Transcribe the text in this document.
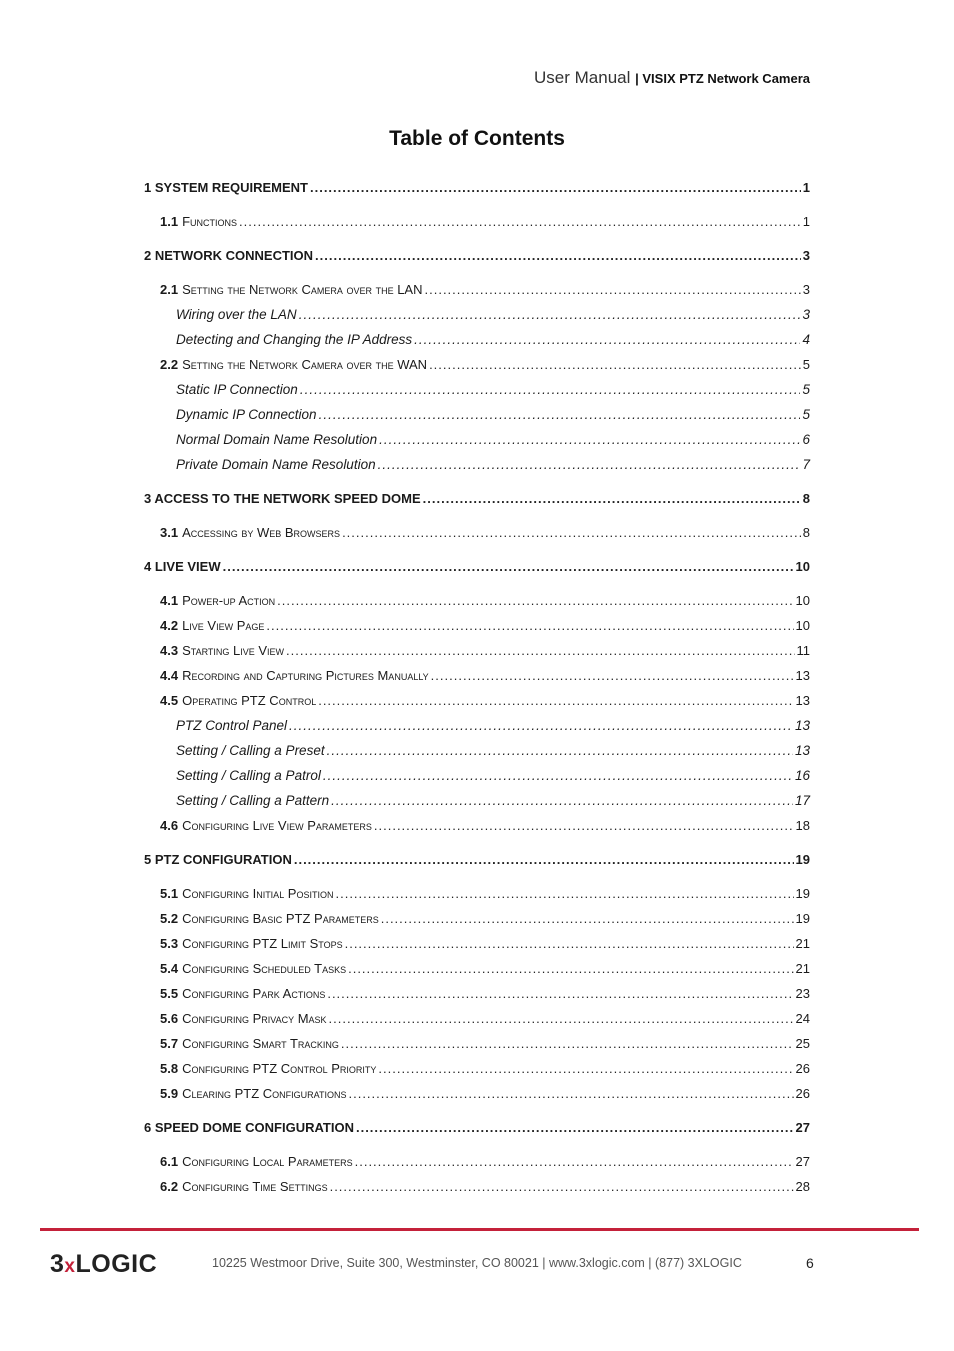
User Manual | VISIX PTZ Network Camera
Table of Contents
1 SYSTEM REQUIREMENT .....	1
1.1 Functions .....	1
2 NETWORK CONNECTION .....	3
2.1 Setting the Network Camera over the LAN .....	3
Wiring over the LAN .....	3
Detecting and Changing the IP Address .....	4
2.2 Setting the Network Camera over the WAN .....	5
Static IP Connection .....	5
Dynamic IP Connection .....	5
Normal Domain Name Resolution .....	6
Private Domain Name Resolution .....	7
3 ACCESS TO THE NETWORK SPEED DOME .....	8
3.1 Accessing by Web Browsers .....	8
4 LIVE VIEW .....	10
4.1 Power-up Action .....	10
4.2 Live View Page .....	10
4.3 Starting Live View .....	11
4.4 Recording and Capturing Pictures Manually .....	13
4.5 Operating PTZ Control .....	13
PTZ Control Panel .....	13
Setting / Calling a Preset .....	13
Setting / Calling a Patrol .....	16
Setting / Calling a Pattern .....	17
4.6 Configuring Live View Parameters .....	18
5 PTZ CONFIGURATION .....	19
5.1 Configuring Initial Position .....	19
5.2 Configuring Basic PTZ Parameters .....	19
5.3 Configuring PTZ Limit Stops .....	21
5.4 Configuring Scheduled Tasks .....	21
5.5 Configuring Park Actions .....	23
5.6 Configuring Privacy Mask .....	24
5.7 Configuring Smart Tracking .....	25
5.8 Configuring PTZ Control Priority .....	26
5.9 Clearing PTZ Configurations .....	26
6 SPEED DOME CONFIGURATION .....	27
6.1 Configuring Local Parameters .....	27
6.2 Configuring Time Settings .....	28
3xLOGIC	10225 Westmoor Drive, Suite 300, Westminster, CO 80021 | www.3xlogic.com | (877) 3XLOGIC	6
